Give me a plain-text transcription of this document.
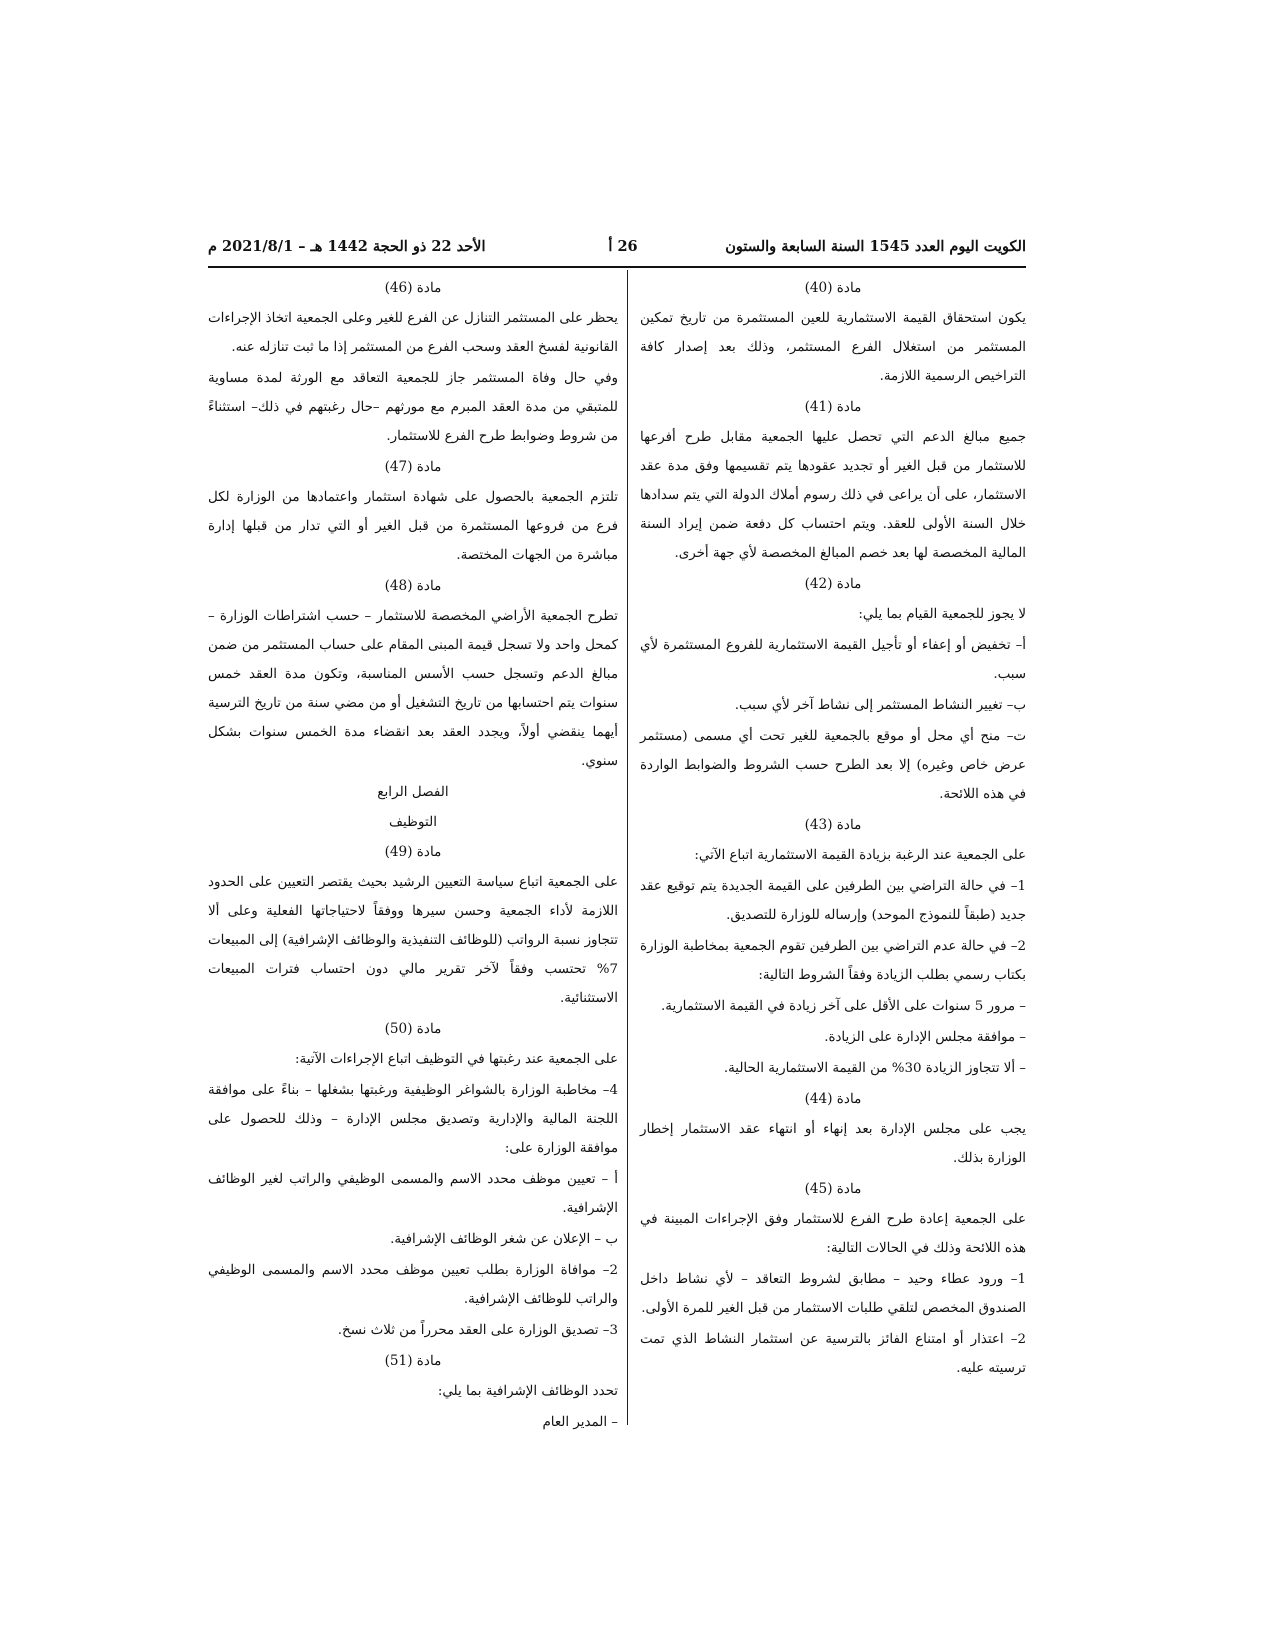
الكويت اليوم العدد 1545 السنة السابعة والستون
26 أ
الأحد 22 ذو الحجة 1442 هـ – 2021/8/1 م
مادة (40)
يكون استحقاق القيمة الاستثمارية للعين المستثمرة من تاريخ تمكين المستثمر من استغلال الفرع المستثمر، وذلك بعد إصدار كافة التراخيص الرسمية اللازمة.
مادة (41)
جميع مبالغ الدعم التي تحصل عليها الجمعية مقابل طرح أفرعها للاستثمار من قبل الغير أو تجديد عقودها يتم تقسيمها وفق مدة عقد الاستثمار، على أن يراعى في ذلك رسوم أملاك الدولة التي يتم سدادها خلال السنة الأولى للعقد. ويتم احتساب كل دفعة ضمن إيراد السنة المالية المخصصة لها بعد خصم المبالغ المخصصة لأي جهة أخرى.
مادة (42)
لا يجوز للجمعية القيام بما يلي:
أ– تخفيض أو إعفاء أو تأجيل القيمة الاستثمارية للفروع المستثمرة لأي سبب.
ب– تغيير النشاط المستثمر إلى نشاط آخر لأي سبب.
ت– منح أي محل أو موقع بالجمعية للغير تحت أي مسمى (مستثمر عرض خاص وغيره) إلا بعد الطرح حسب الشروط والضوابط الواردة في هذه اللائحة.
مادة (43)
على الجمعية عند الرغبة بزيادة القيمة الاستثمارية اتباع الآتي:
1– في حالة التراضي بين الطرفين على القيمة الجديدة يتم توقيع عقد جديد (طبقاً للنموذج الموحد) وإرساله للوزارة للتصديق.
2– في حالة عدم التراضي بين الطرفين تقوم الجمعية بمخاطبة الوزارة بكتاب رسمي بطلب الزيادة وفقاً الشروط التالية:
– مرور 5 سنوات على الأقل على آخر زيادة في القيمة الاستثمارية.
– موافقة مجلس الإدارة على الزيادة.
– ألا تتجاوز الزيادة 30% من القيمة الاستثمارية الحالية.
مادة (44)
يجب على مجلس الإدارة بعد إنهاء أو انتهاء عقد الاستثمار إخطار الوزارة بذلك.
مادة (45)
على الجمعية إعادة طرح الفرع للاستثمار وفق الإجراءات المبينة في هذه اللائحة وذلك في الحالات التالية:
1– ورود عطاء وحيد – مطابق لشروط التعاقد – لأي نشاط داخل الصندوق المخصص لتلقي طلبات الاستثمار من قبل الغير للمرة الأولى.
2– اعتذار أو امتناع الفائز بالترسية عن استثمار النشاط الذي تمت ترسيته عليه.
مادة (46)
يحظر على المستثمر التنازل عن الفرع للغير وعلى الجمعية اتخاذ الإجراءات القانونية لفسخ العقد وسحب الفرع من المستثمر إذا ما ثبت تنازله عنه.
وفي حال وفاة المستثمر جاز للجمعية التعاقد مع الورثة لمدة مساوية للمتبقي من مدة العقد المبرم مع مورثهم –حال رغبتهم في ذلك– استثناءً من شروط وضوابط طرح الفرع للاستثمار.
مادة (47)
تلتزم الجمعية بالحصول على شهادة استثمار واعتمادها من الوزارة لكل فرع من فروعها المستثمرة من قبل الغير أو التي تدار من قبلها إدارة مباشرة من الجهات المختصة.
مادة (48)
تطرح الجمعية الأراضي المخصصة للاستثمار – حسب اشتراطات الوزارة – كمحل واحد ولا تسجل قيمة المبنى المقام على حساب المستثمر من ضمن مبالغ الدعم وتسجل حسب الأسس المناسبة، وتكون مدة العقد خمس سنوات يتم احتسابها من تاريخ التشغيل أو من مضي سنة من تاريخ الترسية أيهما ينقضي أولاً، ويجدد العقد بعد انقضاء مدة الخمس سنوات بشكل سنوي.
الفصل الرابع
التوظيف
مادة (49)
على الجمعية اتباع سياسة التعيين الرشيد بحيث يقتصر التعيين على الحدود اللازمة لأداء الجمعية وحسن سيرها ووفقاً لاحتياجاتها الفعلية وعلى ألا تتجاوز نسبة الرواتب (للوظائف التنفيذية والوظائف الإشرافية) إلى المبيعات 7% تحتسب وفقاً لآخر تقرير مالي دون احتساب فترات المبيعات الاستثنائية.
مادة (50)
على الجمعية عند رغبتها في التوظيف اتباع الإجراءات الآتية:
4– مخاطبة الوزارة بالشواغر الوظيفية ورغبتها بشغلها – بناءً على موافقة اللجنة المالية والإدارية وتصديق مجلس الإدارة – وذلك للحصول على موافقة الوزارة على:
أ – تعيين موظف محدد الاسم والمسمى الوظيفي والراتب لغير الوظائف الإشرافية.
ب – الإعلان عن شغر الوظائف الإشرافية.
2– موافاة الوزارة بطلب تعيين موظف محدد الاسم والمسمى الوظيفي والراتب للوظائف الإشرافية.
3– تصديق الوزارة على العقد محرراً من ثلاث نسخ.
مادة (51)
تحدد الوظائف الإشرافية بما يلي:
– المدير العام
